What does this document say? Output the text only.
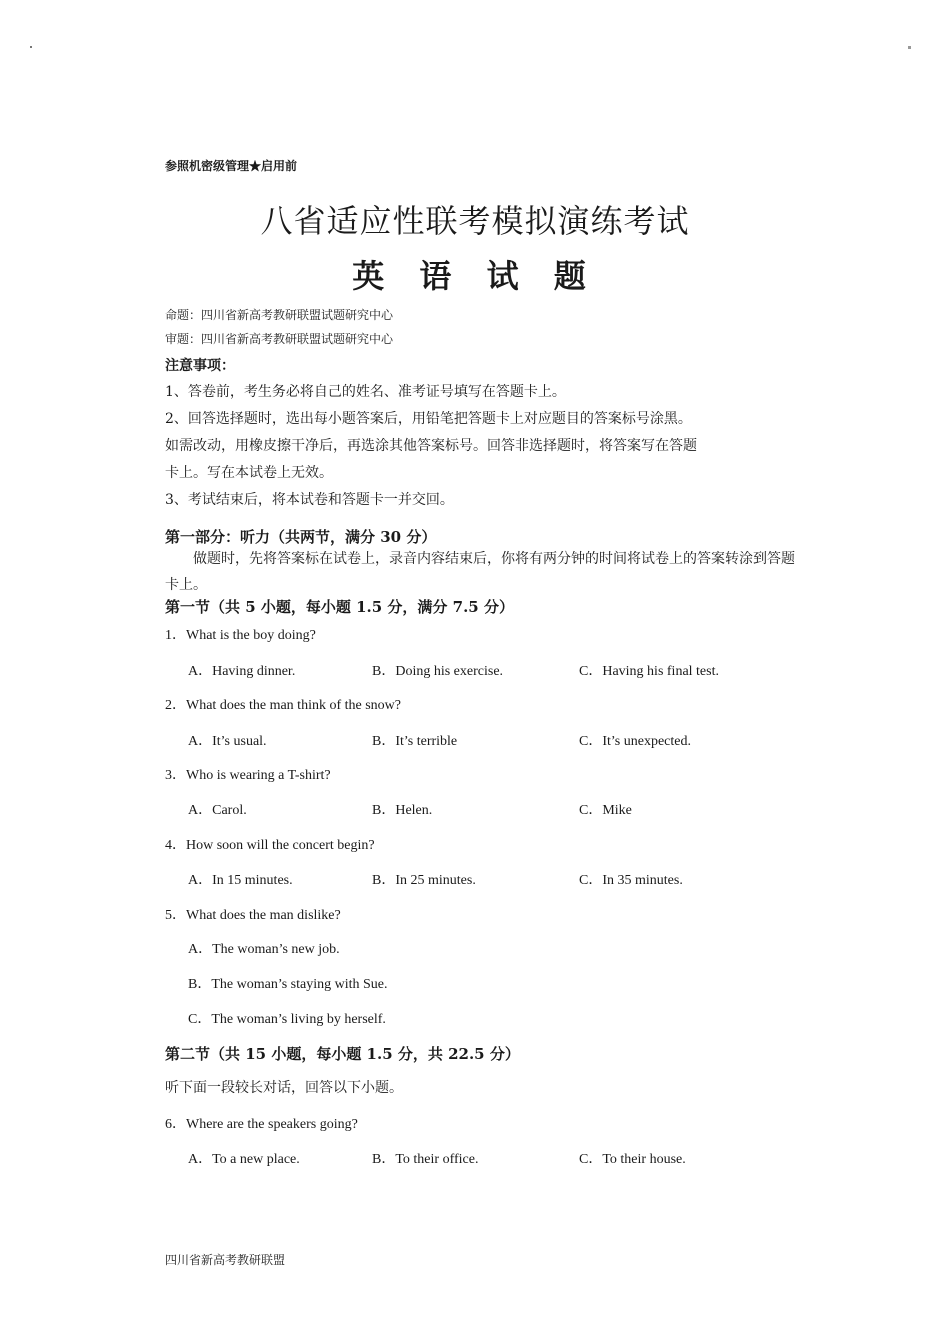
参照机密级管理★启用前
八省适应性联考模拟演练考试
英 语 试 题
命题：四川省新高考教研联盟试题研究中心
审题：四川省新高考教研联盟试题研究中心
注意事项：
1、答卷前，考生务必将自己的姓名、准考证号填写在答题卡上。
2、回答选择题时，选出每小题答案后，用铅笔把答题卡上对应题目的答案标号涂黑。
如需改动，用橡皮擦干净后，再选涂其他答案标号。回答非选择题时，将答案写在答题
卡上。写在本试卷上无效。
3、考试结束后，将本试卷和答题卡一并交回。
第一部分：听力（共两节，满分 30 分）
做题时，先将答案标在试卷上，录音内容结束后，你将有两分钟的时间将试卷上的答案转涂到答题卡上。
第一节（共 5 小题，每小题 1.5 分，满分 7.5 分）
1．What is the boy doing?
A．Having dinner.	B．Doing his exercise.	C．Having his final test.
2．What does the man think of the snow?
A．It’s usual.	B．It’s terrible	C．It’s unexpected.
3．Who is wearing a T-shirt?
A．Carol.	B．Helen.	C．Mike
4．How soon will the concert begin?
A．In 15 minutes.	B．In 25 minutes.	C．In 35 minutes.
5．What does the man dislike?
A．The woman’s new job.
B．The woman’s staying with Sue.
C．The woman’s living by herself.
第二节（共 15 小题，每小题 1.5 分，共 22.5 分）
听下面一段较长对话，回答以下小题。
6．Where are the speakers going?
A．To a new place.	B．To their office.	C．To their house.
四川省新高考教研联盟
